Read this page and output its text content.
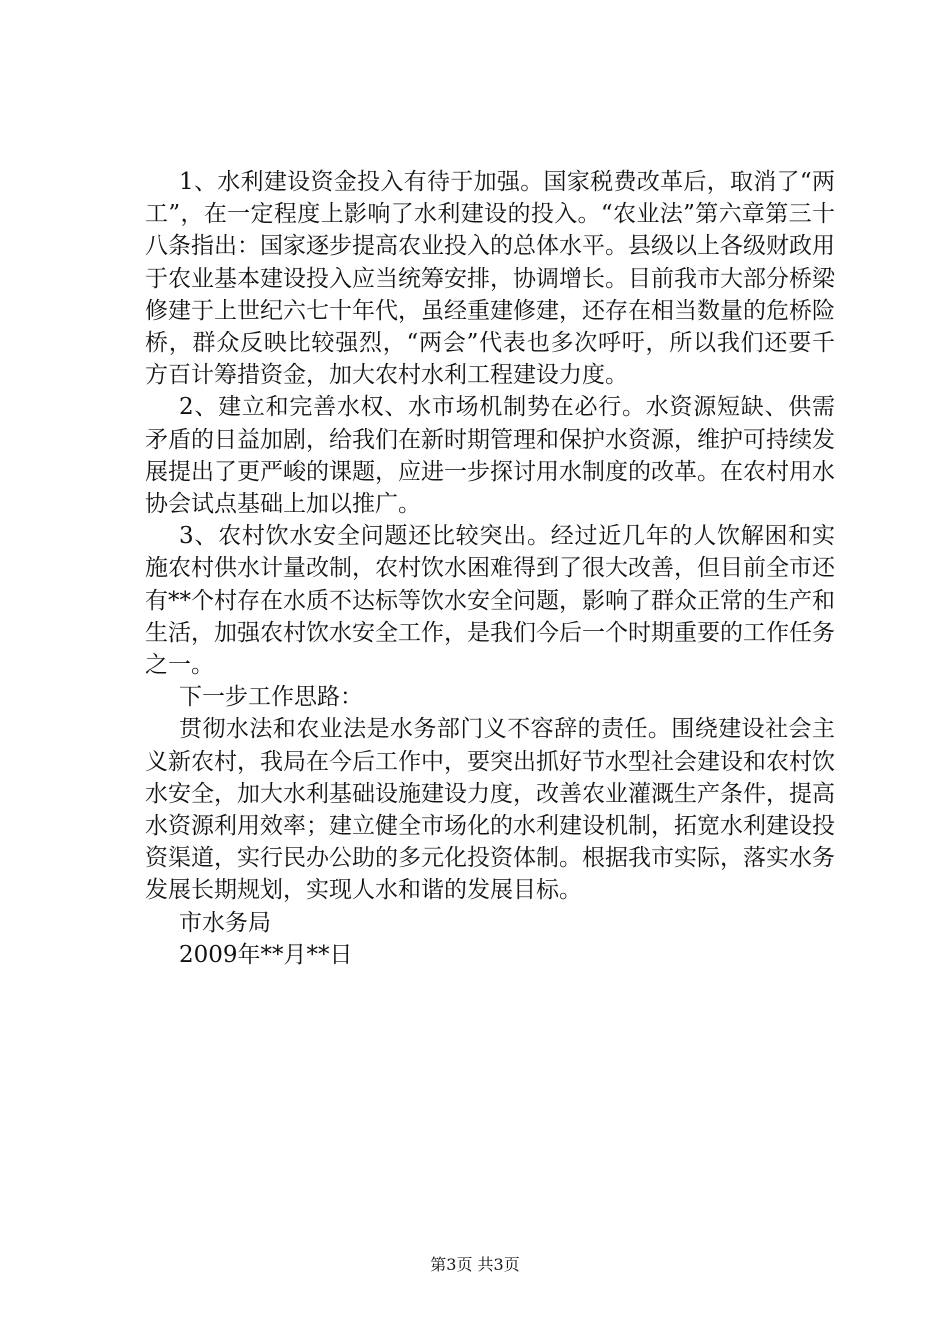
1、水利建设资金投入有待于加强。国家税费改革后，取消了“两工”，在一定程度上影响了水利建设的投入。“农业法”第六章第三十八条指出：国家逐步提高农业投入的总体水平。县级以上各级财政用于农业基本建设投入应当统筹安排，协调增长。目前我市大部分桥梁修建于上世纪六七十年代，虽经重建修建，还存在相当数量的危桥险桥，群众反映比较强烈，“两会”代表也多次呼吁，所以我们还要千方百计筹措资金，加大农村水利工程建设力度。

2、建立和完善水权、水市场机制势在必行。水资源短缺、供需矛盾的日益加剧，给我们在新时期管理和保护水资源，维护可持续发展提出了更严峻的课题，应进一步探讨用水制度的改革。在农村用水协会试点基础上加以推广。

3、农村饮水安全问题还比较突出。经过近几年的人饮解困和实施农村供水计量改制，农村饮水困难得到了很大改善，但目前全市还有**个村存在水质不达标等饮水安全问题，影响了群众正常的生产和生活，加强农村饮水安全工作，是我们今后一个时期重要的工作任务之一。

下一步工作思路：

贯彻水法和农业法是水务部门义不容辞的责任。围绕建设社会主义新农村，我局在今后工作中，要突出抓好节水型社会建设和农村饮水安全，加大水利基础设施建设力度，改善农业灌溉生产条件，提高水资源利用效率；建立健全市场化的水利建设机制，拓宽水利建设投资渠道，实行民办公助的多元化投资体制。根据我市实际，落实水务发展长期规划，实现人水和谐的发展目标。

市水务局

2009年**月**日

第3页 共3页
